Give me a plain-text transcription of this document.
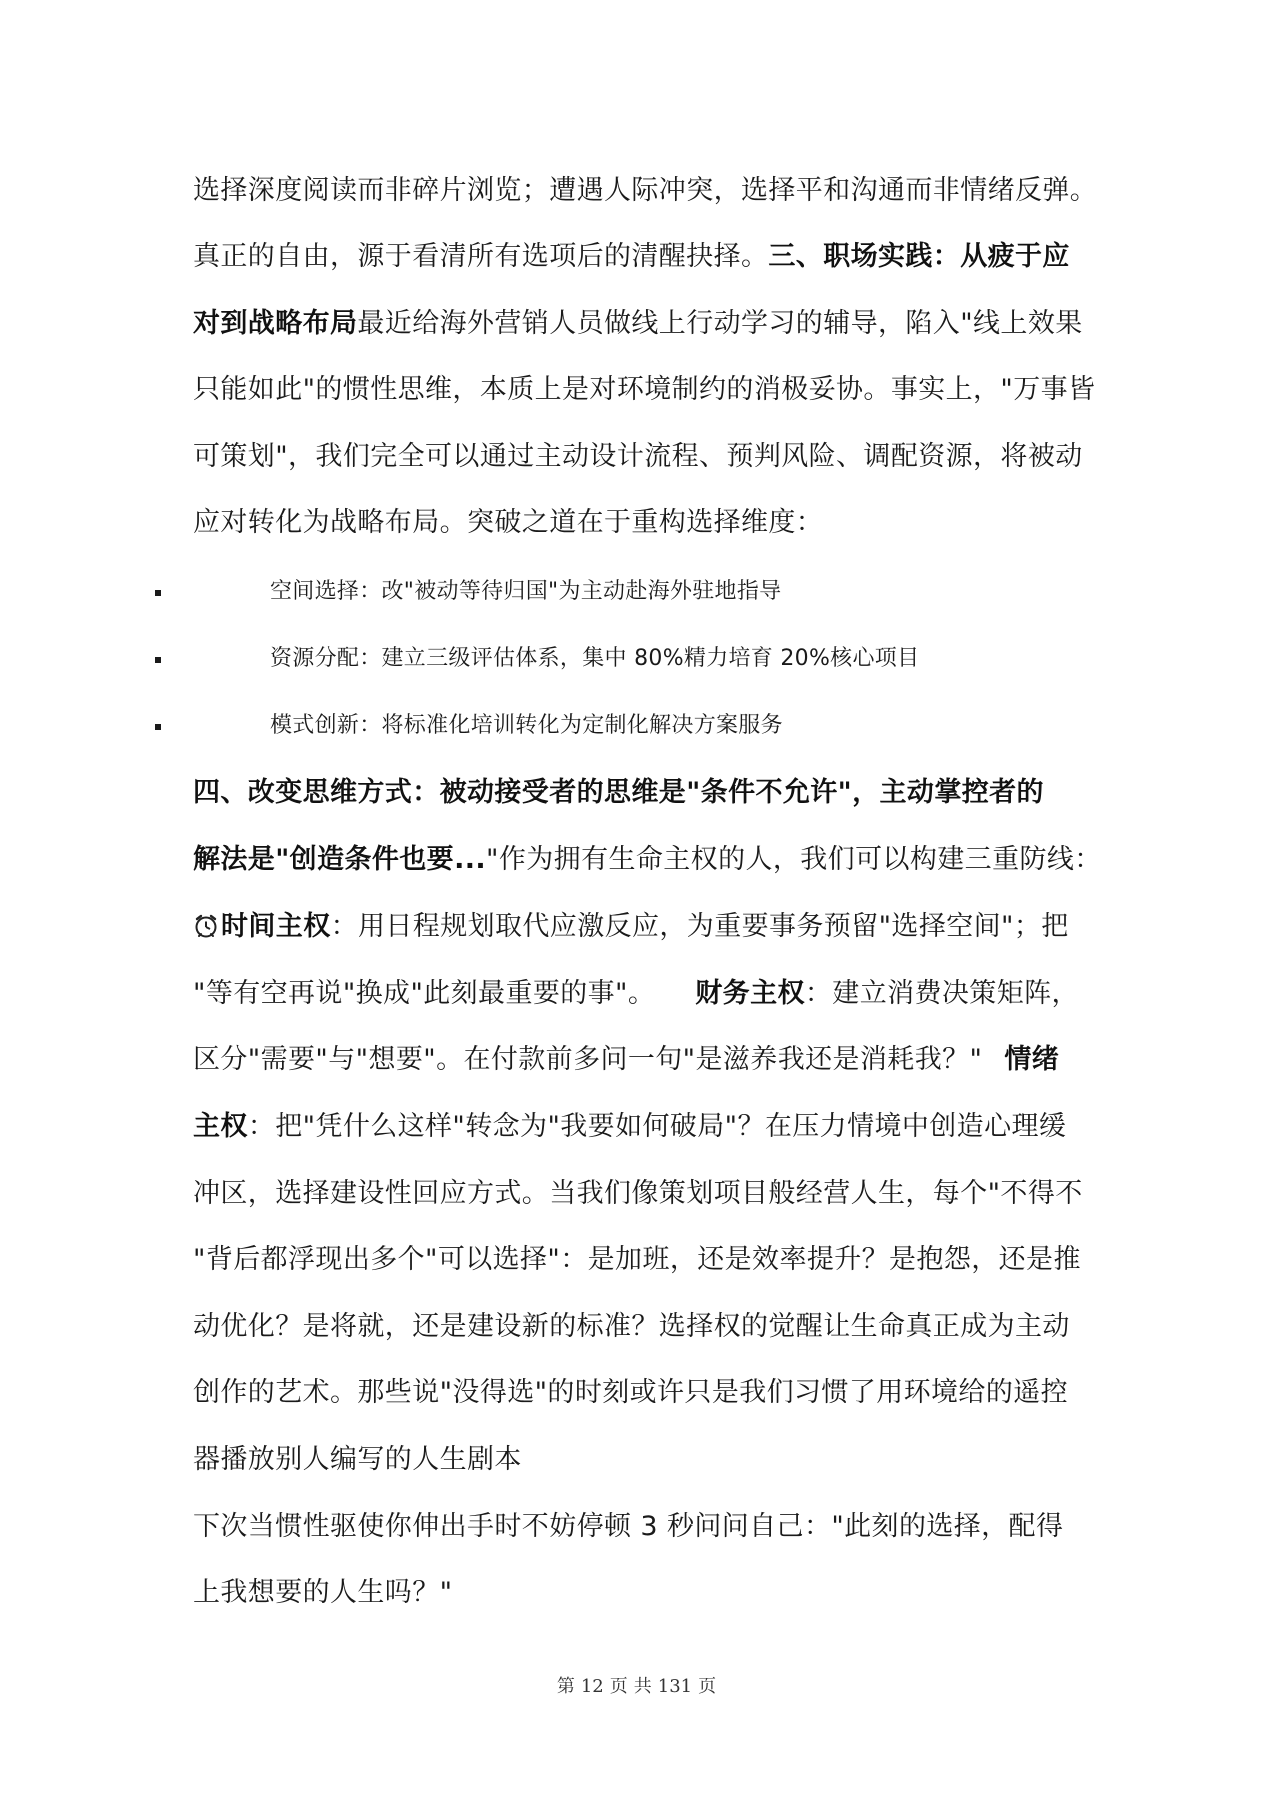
选择深度阅读而非碎片浏览；遭遇人际冲突，选择平和沟通而非情绪反弹。

真正的自由，源于看清所有选项后的清醒抉择。三、职场实践：从疲于应

对到战略布局最近给海外营销人员做线上行动学习的辅导，陷入"线上效果

只能如此"的惯性思维，本质上是对环境制约的消极妥协。事实上，"万事皆

可策划"，我们完全可以通过主动设计流程、预判风险、调配资源，将被动

应对转化为战略布局。突破之道在于重构选择维度：

空间选择：改"被动等待归国"为主动赴海外驻地指导
资源分配：建立三级评估体系，集中 80%精力培育 20%核心项目
模式创新：将标准化培训转化为定制化解决方案服务

四、改变思维方式：被动接受者的思维是"条件不允许"，主动掌控者的

解法是"创造条件也要..."作为拥有生命主权的人，我们可以构建三重防线：

时间主权：用日程规划取代应激反应，为重要事务预留"选择空间"；把

"等有空再说"换成"此刻最重要的事"。 财务主权：建立消费决策矩阵，

区分"需要"与"想要"。在付款前多问一句"是滋养我还是消耗我？" 情绪

主权：把"凭什么这样"转念为"我要如何破局"？在压力情境中创造心理缓

冲区，选择建设性回应方式。当我们像策划项目般经营人生，每个"不得不

"背后都浮现出多个"可以选择"：是加班，还是效率提升？是抱怨，还是推

动优化？是将就，还是建设新的标准？选择权的觉醒让生命真正成为主动

创作的艺术。那些说"没得选"的时刻或许只是我们习惯了用环境给的遥控

器播放别人编写的人生剧本

下次当惯性驱使你伸出手时不妨停顿 3 秒问问自己："此刻的选择，配得

上我想要的人生吗？"

第 12 页 共 131 页
